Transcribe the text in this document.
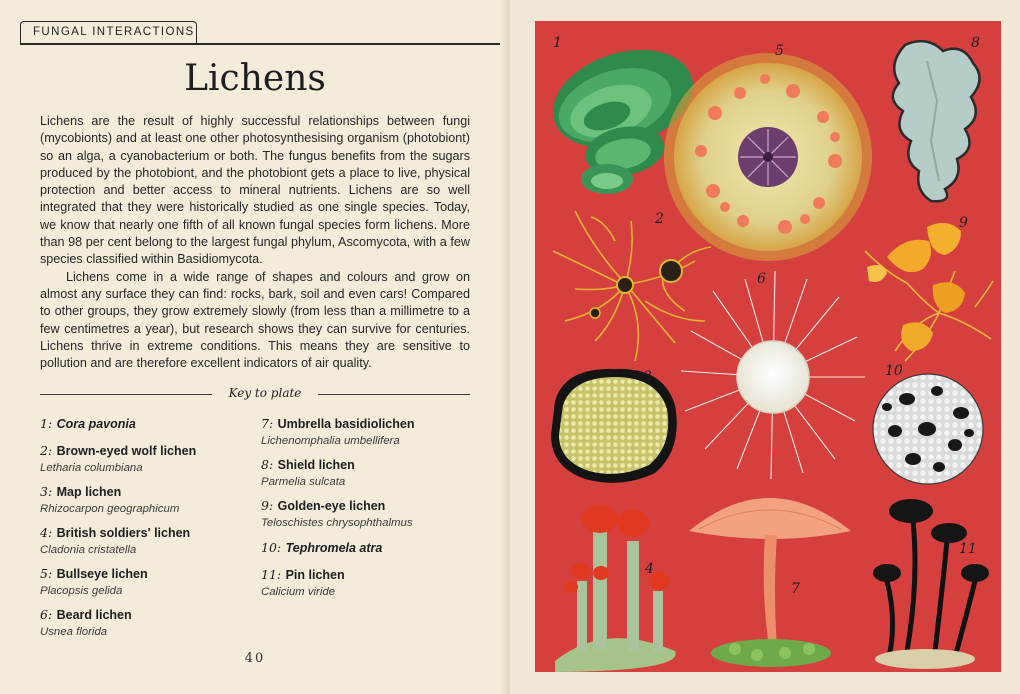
FUNGAL INTERACTIONS
Lichens

Lichens are the result of highly successful relationships between fungi (mycobionts) and at least one other photosynthesising organism (photobiont) so an alga, a cyanobacterium or both. The fungus benefits from the sugars produced by the photobiont, and the photobiont gets a place to live, physical protection and better access to mineral nutrients. Lichens are so well integrated that they were historically studied as one single species. Today, we know that nearly one fifth of all known fungal species form lichens. More than 98 per cent belong to the largest fungal phylum, Ascomycota, with a few species classified within Basidiomycota.

Lichens come in a wide range of shapes and colours and grow on almost any surface they can find: rocks, bark, soil and even cars! Compared to other groups, they grow extremely slowly (from less than a millimetre to a few centimetres a year), but research shows they can survive for centuries. Lichens thrive in extreme conditions. This means they are sensitive to pollution and are therefore excellent indicators of air quality.

Key to plate
1: Cora pavonia
2: Brown-eyed wolf lichen
Letharia columbiana
3: Map lichen
Rhizocarpon geographicum
4: British soldiers' lichen
Cladonia cristatella
5: Bullseye lichen
Placopsis gelida
6: Beard lichen
Usnea florida
7: Umbrella basidiolichen
Lichenomphalia umbellifera
8: Shield lichen
Parmelia sulcata
9: Golden-eye lichen
Teloschistes chrysophthalmus
10: Tephromela atra
11: Pin lichen
Calicium viride
40
1
2
3
4
5
6
7
8
9
10
11
